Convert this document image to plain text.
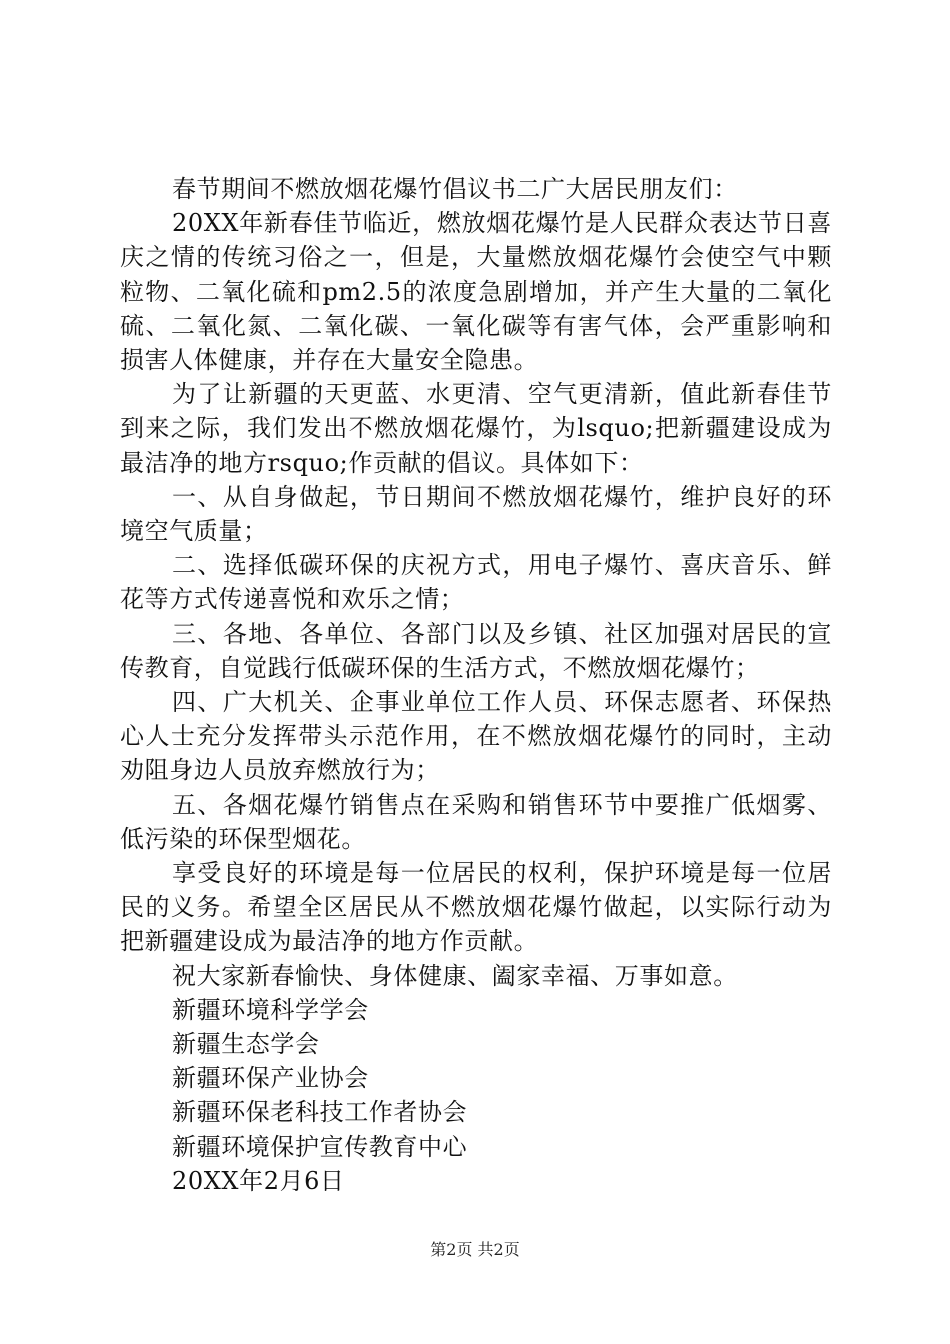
春节期间不燃放烟花爆竹倡议书二广大居民朋友们：

20XX年新春佳节临近，燃放烟花爆竹是人民群众表达节日喜庆之情的传统习俗之一，但是，大量燃放烟花爆竹会使空气中颗粒物、二氧化硫和pm2.5的浓度急剧增加，并产生大量的二氧化硫、二氧化氮、二氧化碳、一氧化碳等有害气体，会严重影响和损害人体健康，并存在大量安全隐患。

为了让新疆的天更蓝、水更清、空气更清新，值此新春佳节到来之际，我们发出不燃放烟花爆竹，为lsquo;把新疆建设成为最洁净的地方rsquo;作贡献的倡议。具体如下：

一、从自身做起，节日期间不燃放烟花爆竹，维护良好的环境空气质量；

二、选择低碳环保的庆祝方式，用电子爆竹、喜庆音乐、鲜花等方式传递喜悦和欢乐之情；

三、各地、各单位、各部门以及乡镇、社区加强对居民的宣传教育，自觉践行低碳环保的生活方式，不燃放烟花爆竹；

四、广大机关、企事业单位工作人员、环保志愿者、环保热心人士充分发挥带头示范作用，在不燃放烟花爆竹的同时，主动劝阻身边人员放弃燃放行为；

五、各烟花爆竹销售点在采购和销售环节中要推广低烟雾、低污染的环保型烟花。

享受良好的环境是每一位居民的权利，保护环境是每一位居民的义务。希望全区居民从不燃放烟花爆竹做起，以实际行动为把新疆建设成为最洁净的地方作贡献。

祝大家新春愉快、身体健康、阖家幸福、万事如意。

新疆环境科学学会

新疆生态学会

新疆环保产业协会

新疆环保老科技工作者协会

新疆环境保护宣传教育中心

20XX年2月6日

第2页 共2页
